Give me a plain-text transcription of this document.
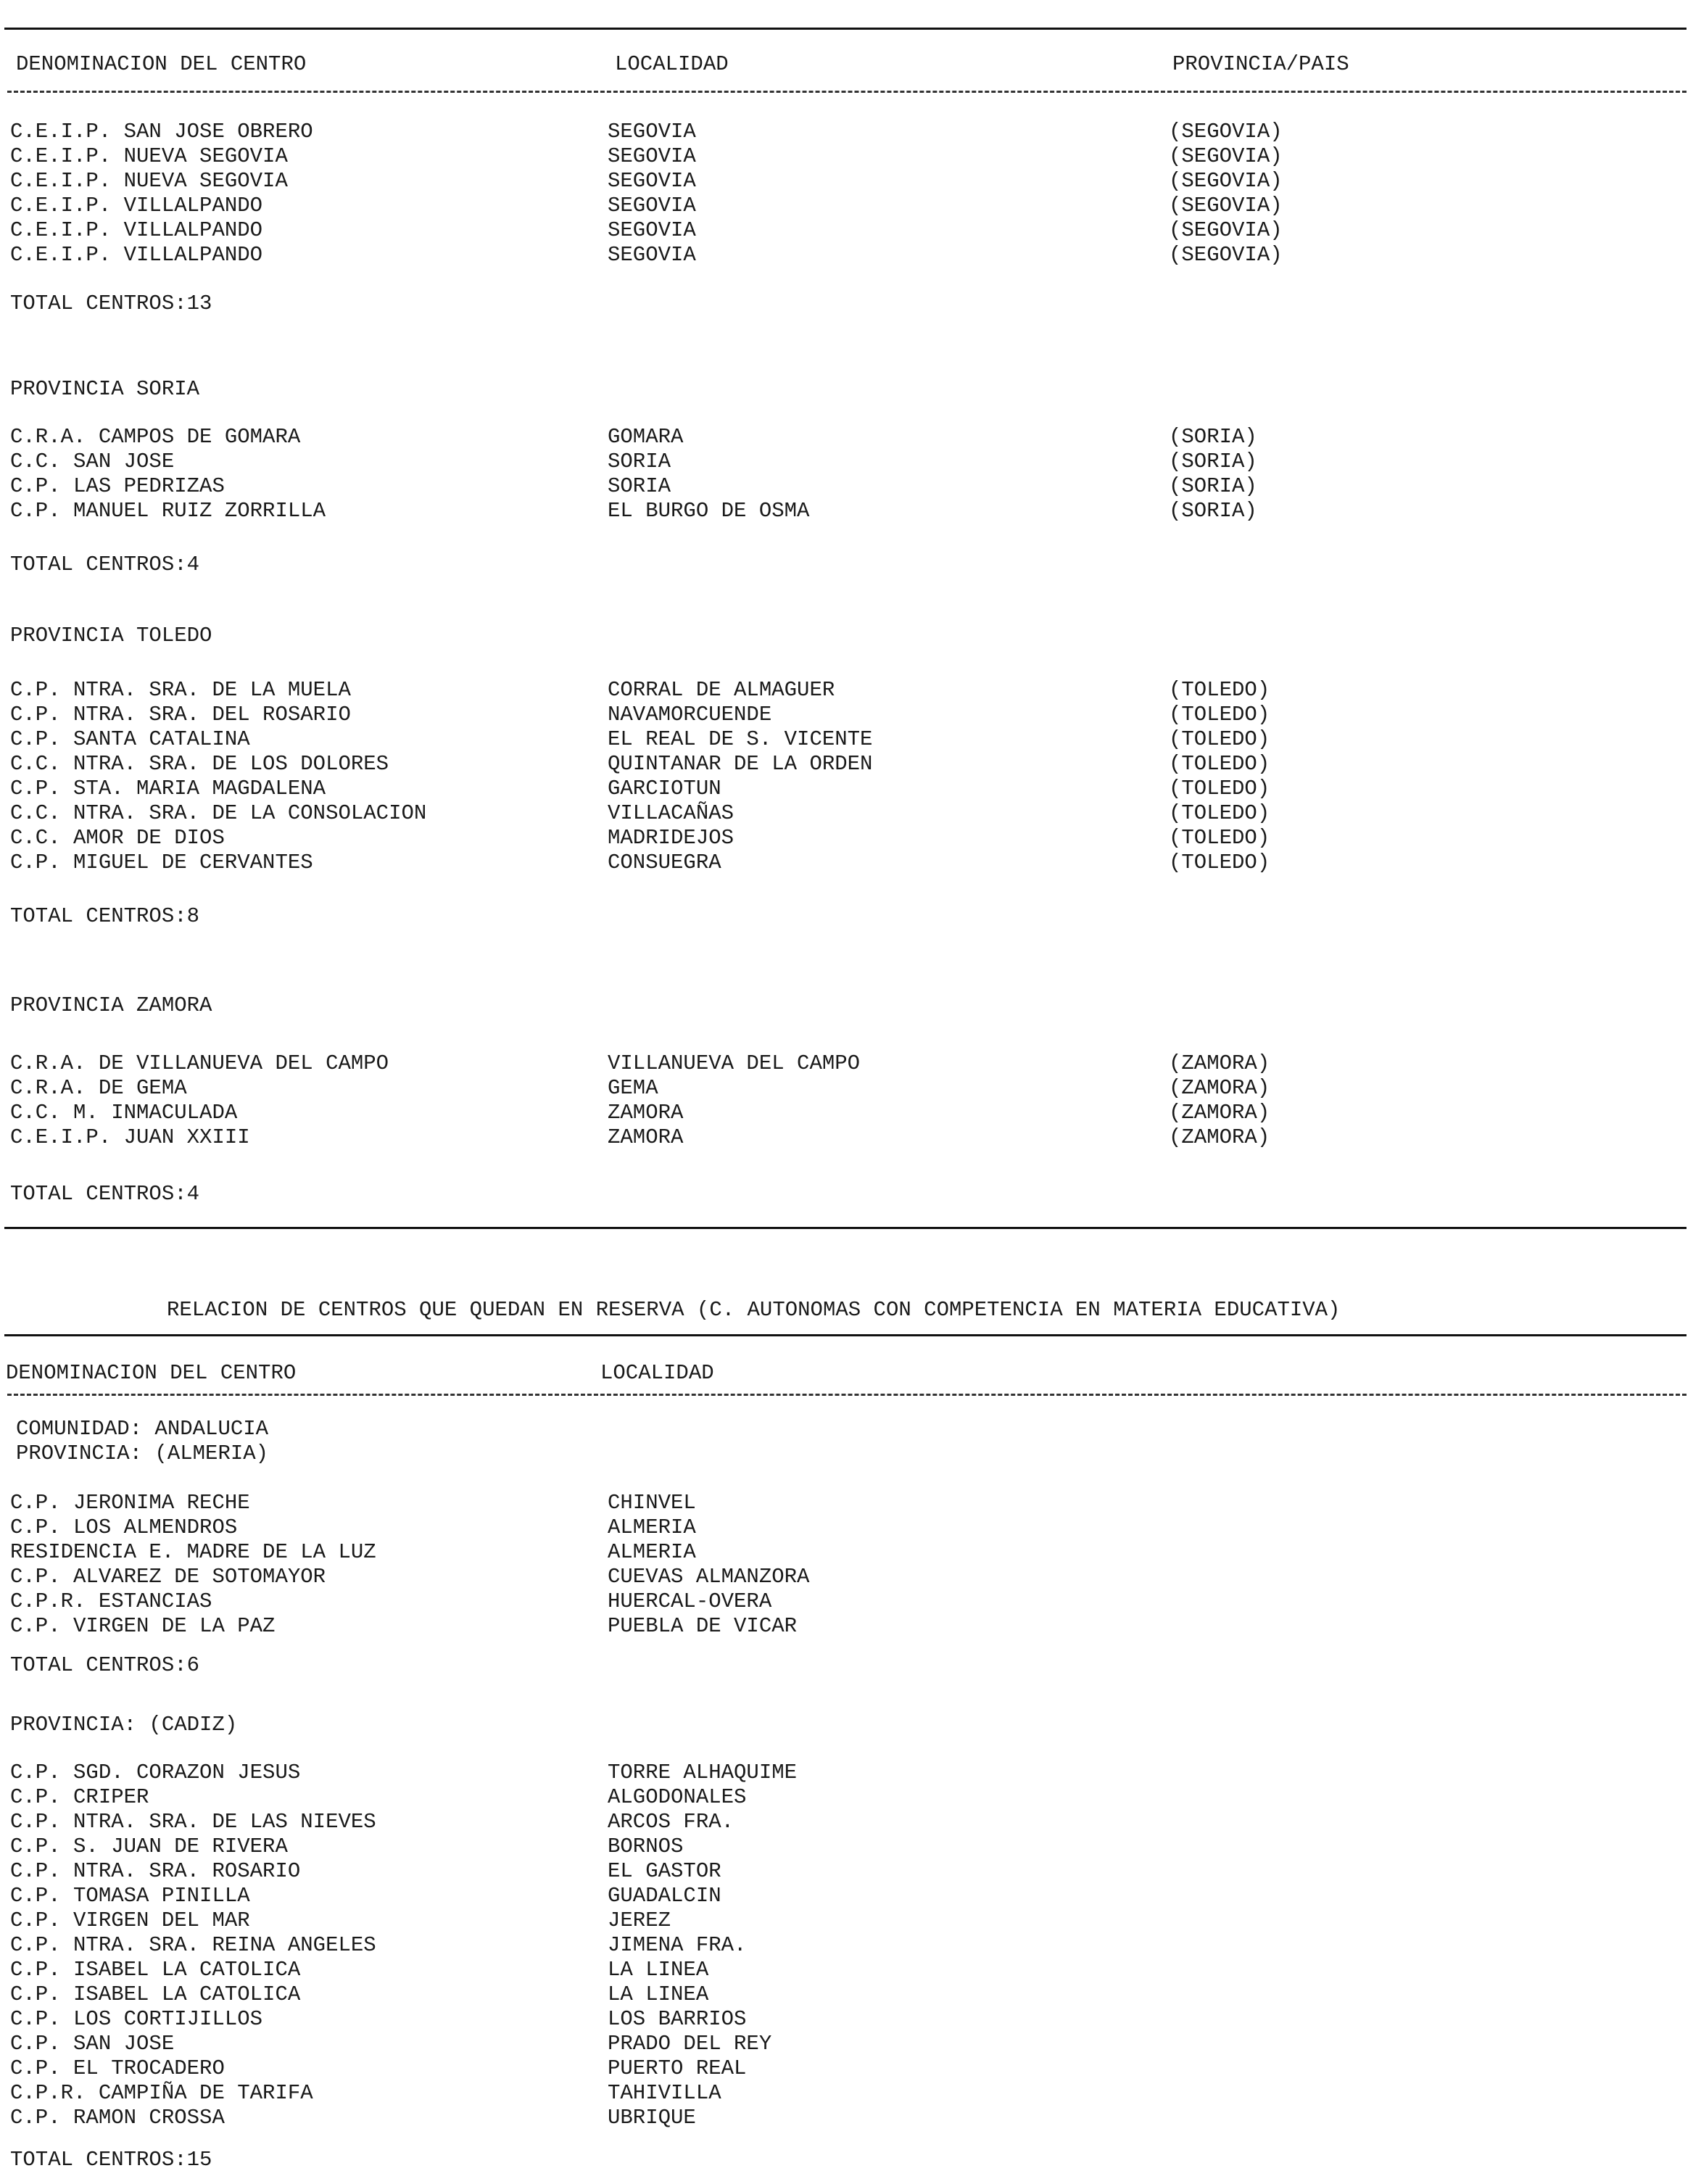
DENOMINACION DEL CENTRO	LOCALIDAD	PROVINCIA/PAIS
C.E.I.P. SAN JOSE OBRERO	SEGOVIA	(SEGOVIA)
C.E.I.P. NUEVA SEGOVIA	SEGOVIA	(SEGOVIA)
C.E.I.P. NUEVA SEGOVIA	SEGOVIA	(SEGOVIA)
C.E.I.P. VILLALPANDO	SEGOVIA	(SEGOVIA)
C.E.I.P. VILLALPANDO	SEGOVIA	(SEGOVIA)
C.E.I.P. VILLALPANDO	SEGOVIA	(SEGOVIA)
TOTAL CENTROS:13
PROVINCIA SORIA
C.R.A. CAMPOS DE GOMARA	GOMARA	(SORIA)
C.C. SAN JOSE	SORIA	(SORIA)
C.P. LAS PEDRIZAS	SORIA	(SORIA)
C.P. MANUEL RUIZ ZORRILLA	EL BURGO DE OSMA	(SORIA)
TOTAL CENTROS:4
PROVINCIA TOLEDO
C.P. NTRA. SRA. DE LA MUELA	CORRAL DE ALMAGUER	(TOLEDO)
C.P. NTRA. SRA. DEL ROSARIO	NAVAMORCUENDE	(TOLEDO)
C.P. SANTA CATALINA	EL REAL DE S. VICENTE	(TOLEDO)
C.C. NTRA. SRA. DE LOS DOLORES	QUINTANAR DE LA ORDEN	(TOLEDO)
C.P. STA. MARIA MAGDALENA	GARCIOTUN	(TOLEDO)
C.C. NTRA. SRA. DE LA CONSOLACION	VILLACAÑAS	(TOLEDO)
C.C. AMOR DE DIOS	MADRIDEJOS	(TOLEDO)
C.P. MIGUEL DE CERVANTES	CONSUEGRA	(TOLEDO)
TOTAL CENTROS:8
PROVINCIA ZAMORA
C.R.A. DE VILLANUEVA DEL CAMPO	VILLANUEVA DEL CAMPO	(ZAMORA)
C.R.A. DE GEMA	GEMA	(ZAMORA)
C.C. M. INMACULADA	ZAMORA	(ZAMORA)
C.E.I.P. JUAN XXIII	ZAMORA	(ZAMORA)
TOTAL CENTROS:4
RELACION DE CENTROS QUE QUEDAN EN RESERVA (C. AUTONOMAS CON COMPETENCIA EN MATERIA EDUCATIVA)
DENOMINACION DEL CENTRO	LOCALIDAD
COMUNIDAD: ANDALUCIA
PROVINCIA: (ALMERIA)
C.P. JERONIMA RECHE	CHINVEL
C.P. LOS ALMENDROS	ALMERIA
RESIDENCIA E. MADRE DE LA LUZ	ALMERIA
C.P. ALVAREZ DE SOTOMAYOR	CUEVAS ALMANZORA
C.P.R. ESTANCIAS	HUERCAL-OVERA
C.P. VIRGEN DE LA PAZ	PUEBLA DE VICAR
TOTAL CENTROS:6
PROVINCIA: (CADIZ)
C.P. SGD. CORAZON JESUS	TORRE ALHAQUIME
C.P. CRIPER	ALGODONALES
C.P. NTRA. SRA. DE LAS NIEVES	ARCOS FRA.
C.P. S. JUAN DE RIVERA	BORNOS
C.P. NTRA. SRA. ROSARIO	EL GASTOR
C.P. TOMASA PINILLA	GUADALCIN
C.P. VIRGEN DEL MAR	JEREZ
C.P. NTRA. SRA. REINA ANGELES	JIMENA FRA.
C.P. ISABEL LA CATOLICA	LA LINEA
C.P. ISABEL LA CATOLICA	LA LINEA
C.P. LOS CORTIJILLOS	LOS BARRIOS
C.P. SAN JOSE	PRADO DEL REY
C.P. EL TROCADERO	PUERTO REAL
C.P.R. CAMPIÑA DE TARIFA	TAHIVILLA
C.P. RAMON CROSSA	UBRIQUE
TOTAL CENTROS:15
